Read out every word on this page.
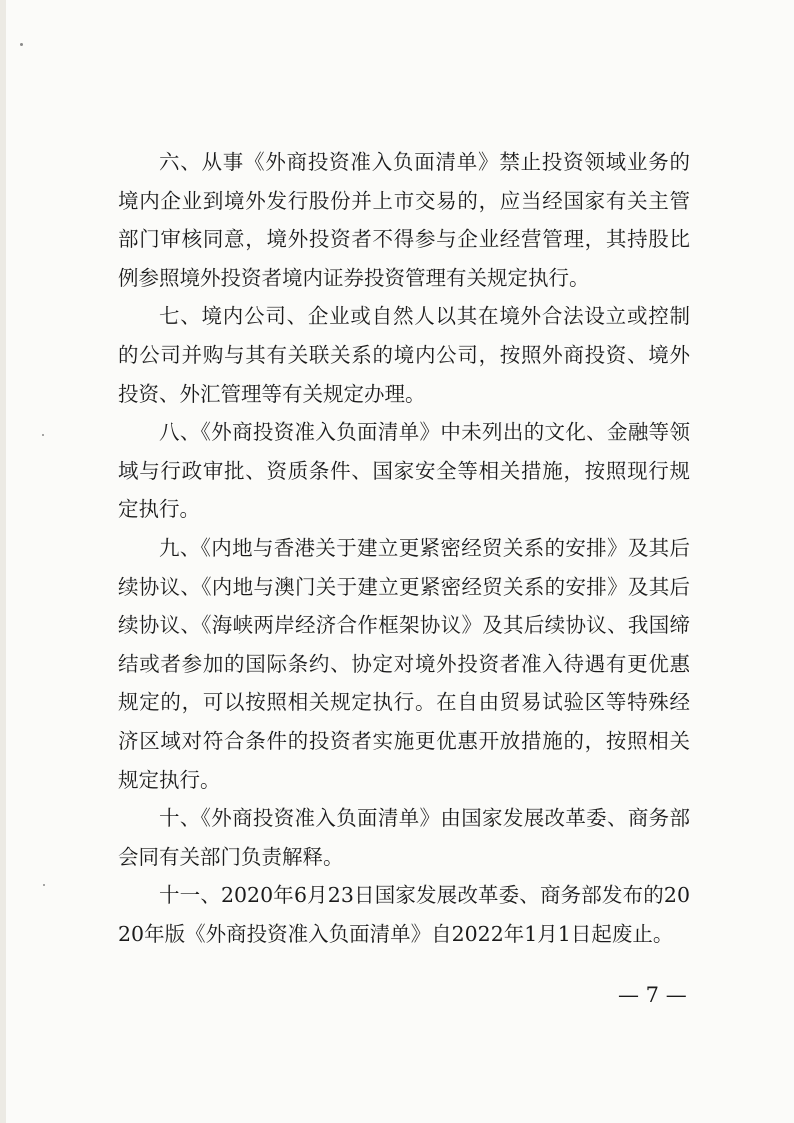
六、从事《外商投资准入负面清单》禁止投资领域业务的境内企业到境外发行股份并上市交易的，应当经国家有关主管部门审核同意，境外投资者不得参与企业经营管理，其持股比例参照境外投资者境内证券投资管理有关规定执行。

七、境内公司、企业或自然人以其在境外合法设立或控制的公司并购与其有关联关系的境内公司，按照外商投资、境外投资、外汇管理等有关规定办理。

八、《外商投资准入负面清单》中未列出的文化、金融等领域与行政审批、资质条件、国家安全等相关措施，按照现行规定执行。

九、《内地与香港关于建立更紧密经贸关系的安排》及其后续协议、《内地与澳门关于建立更紧密经贸关系的安排》及其后续协议、《海峡两岸经济合作框架协议》及其后续协议、我国缔结或者参加的国际条约、协定对境外投资者准入待遇有更优惠规定的，可以按照相关规定执行。在自由贸易试验区等特殊经济区域对符合条件的投资者实施更优惠开放措施的，按照相关规定执行。

十、《外商投资准入负面清单》由国家发展改革委、商务部会同有关部门负责解释。

十一、2020年6月23日国家发展改革委、商务部发布的2020年版《外商投资准入负面清单》自2022年1月1日起废止。

— 7 —
